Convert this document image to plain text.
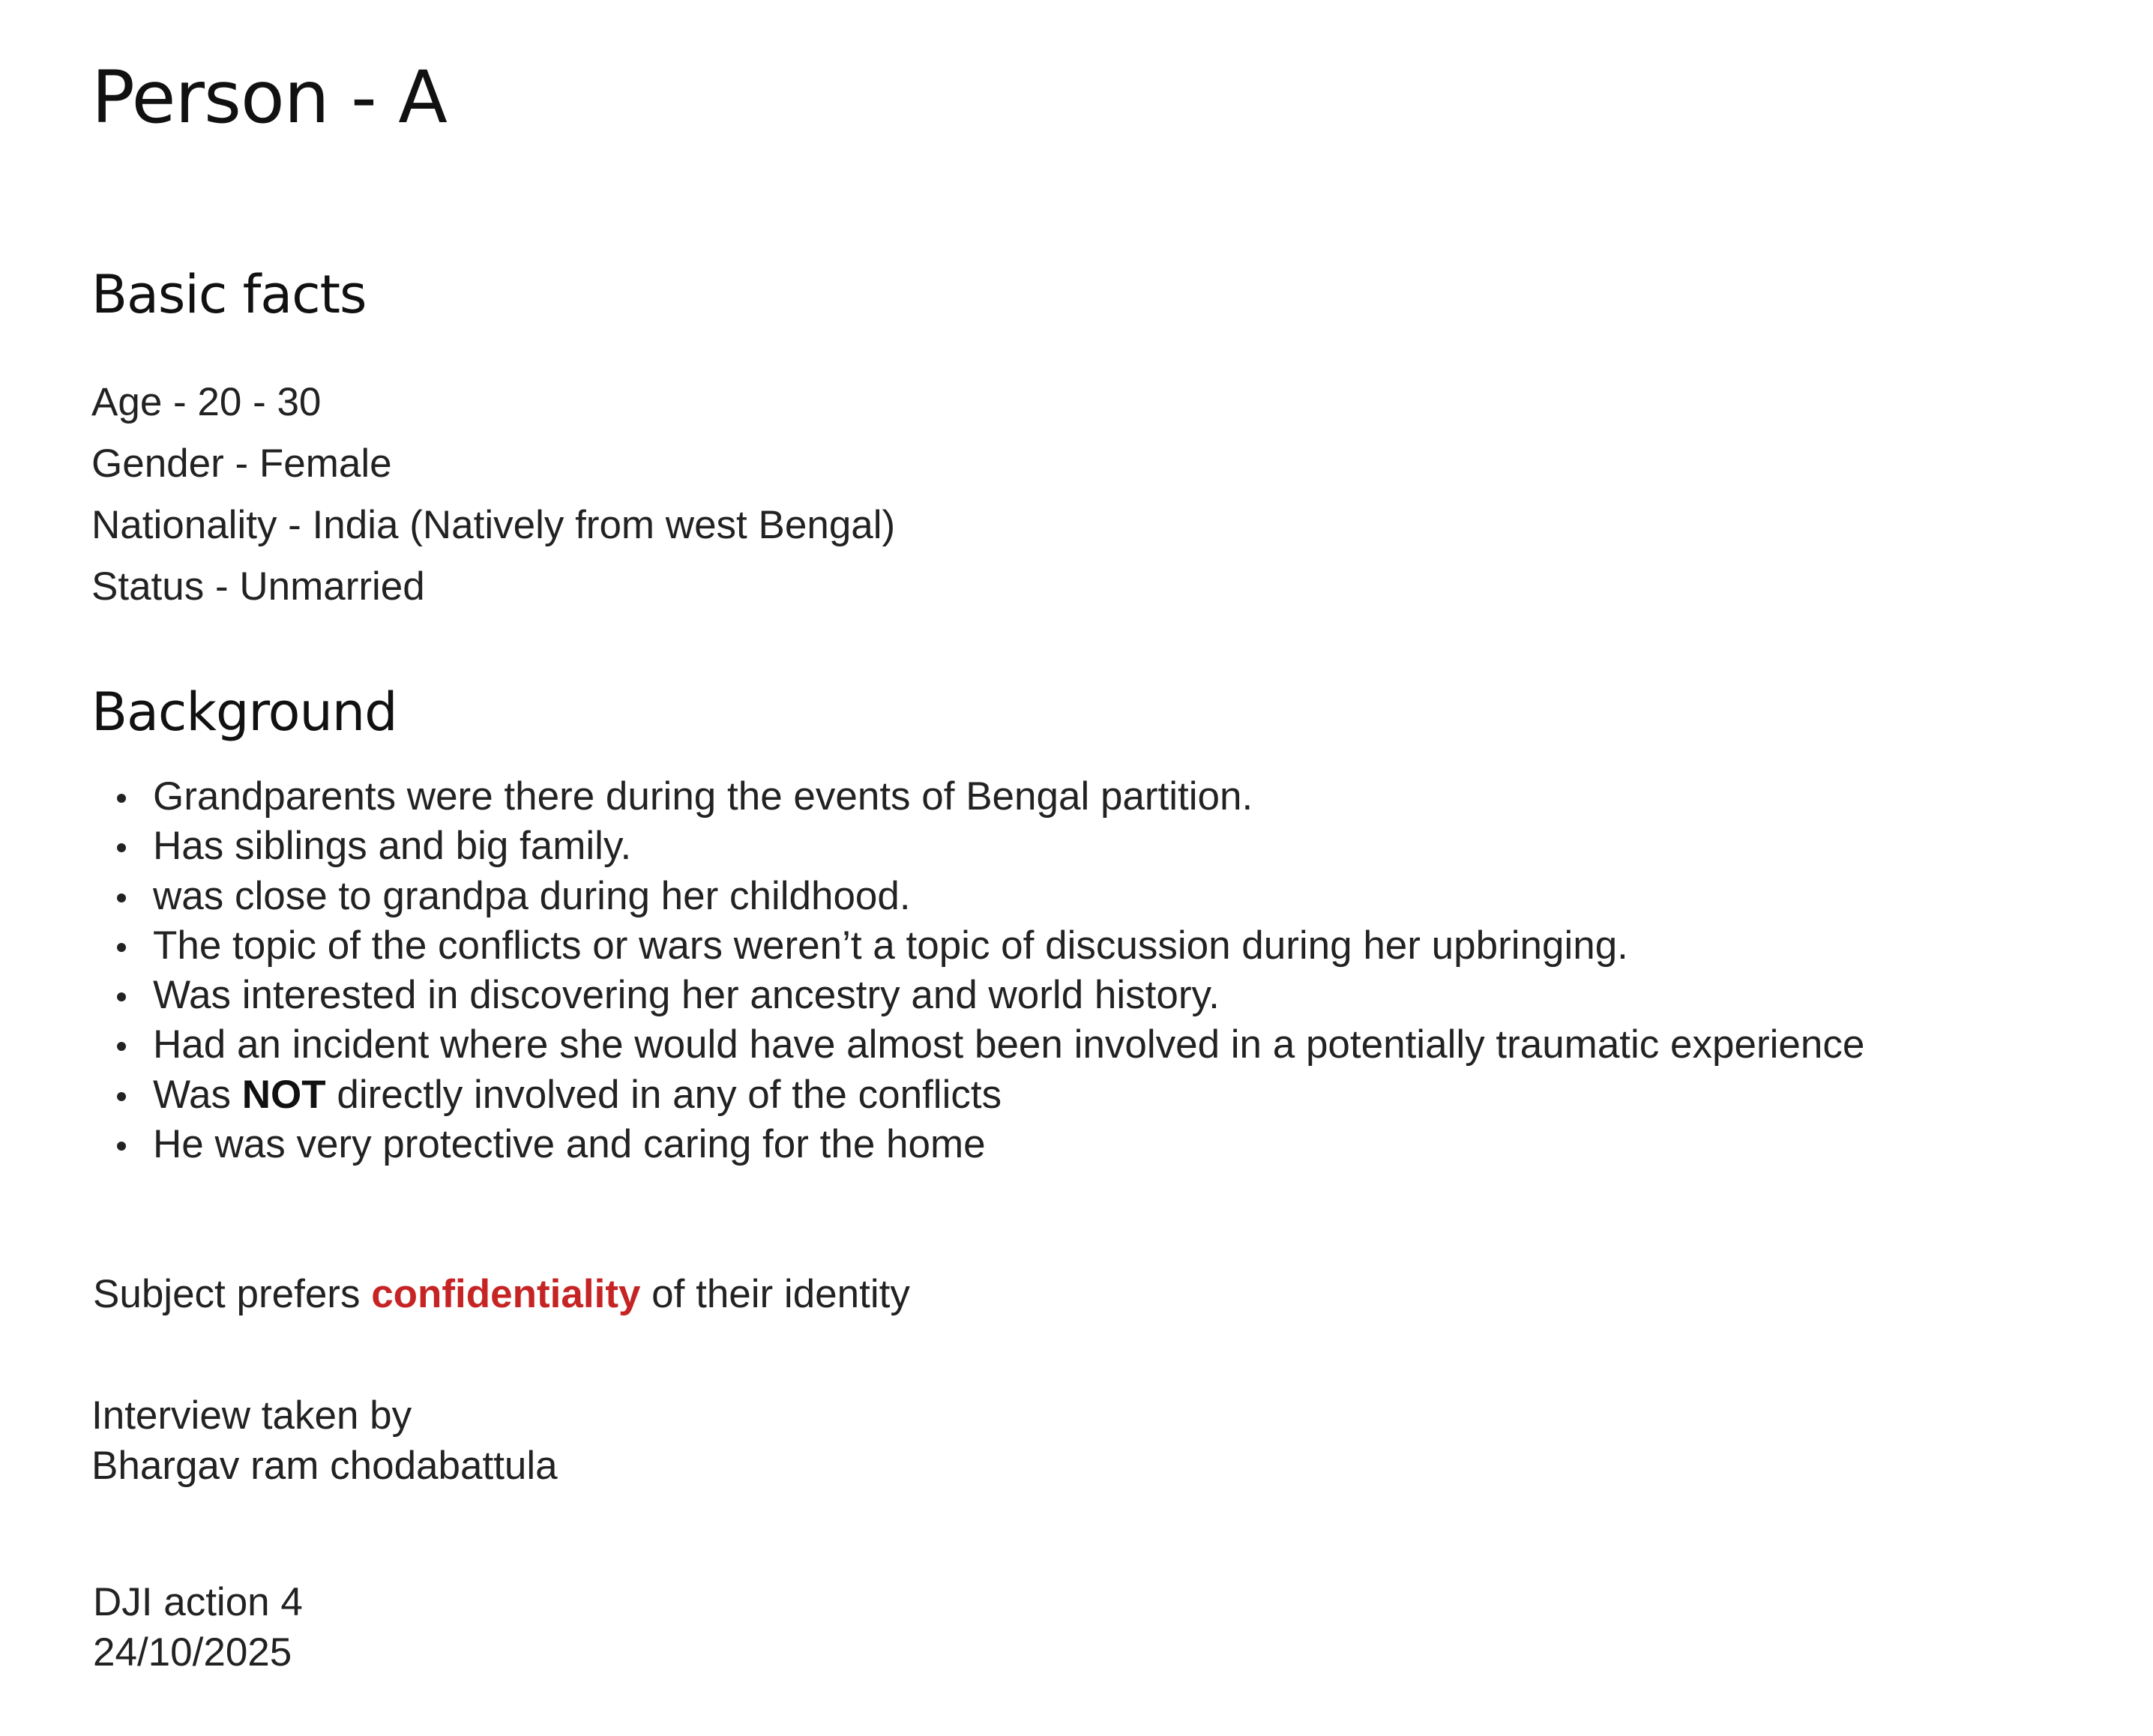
Person - A
Basic facts
Age - 20 - 30
Gender - Female
Nationality - India (Natively from west Bengal)
Status - Unmarried
Background
Grandparents were there during the events of Bengal partition.
Has siblings and big family.
was close to grandpa during her childhood.
The topic of the conflicts or wars weren’t a topic of discussion during her upbringing.
Was interested in discovering her ancestry and world history.
Had an incident where she would have almost been involved in a potentially traumatic experience
Was NOT directly involved in any of the conflicts
He was very protective and caring for the home
Subject prefers confidentiality of their identity
Interview taken by
Bhargav ram chodabattula
DJI action 4
24/10/2025
